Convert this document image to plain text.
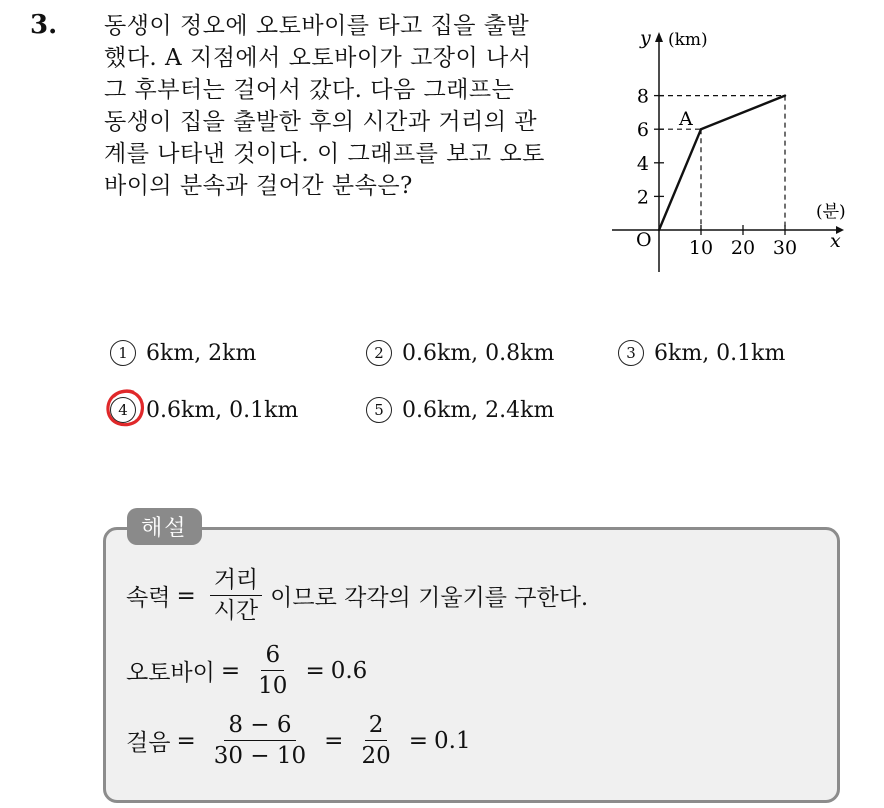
3. 동생이 정오에 오토바이를 타고 집을 출발
했다. A 지점에서 오토바이가 고장이 나서
그 후부터는 걸어서 갔다. 다음 그래프는
동생이 집을 출발한 후의 시간과 거리의 관
계를 나타낸 것이다. 이 그래프를 보고 오토
바이의 분속과 걸어간 분속은?
y (km)
(분)
x
O
2
4
6
8
10 20 30
A
1 6km, 2km	2 0.6km, 0.8km	3 6km, 0.1km
4 0.6km, 0.1km	5 0.6km, 2.4km
해설
속력 = $\frac{\text{거리}}{\text{시간}}$ 이므로 각각의 기울기를 구한다.
오토바이 = $\frac{6}{10} = 0.6$
걸음 = $\frac{8 - 6}{30 - 10} = \frac{2}{20} = 0.1$
